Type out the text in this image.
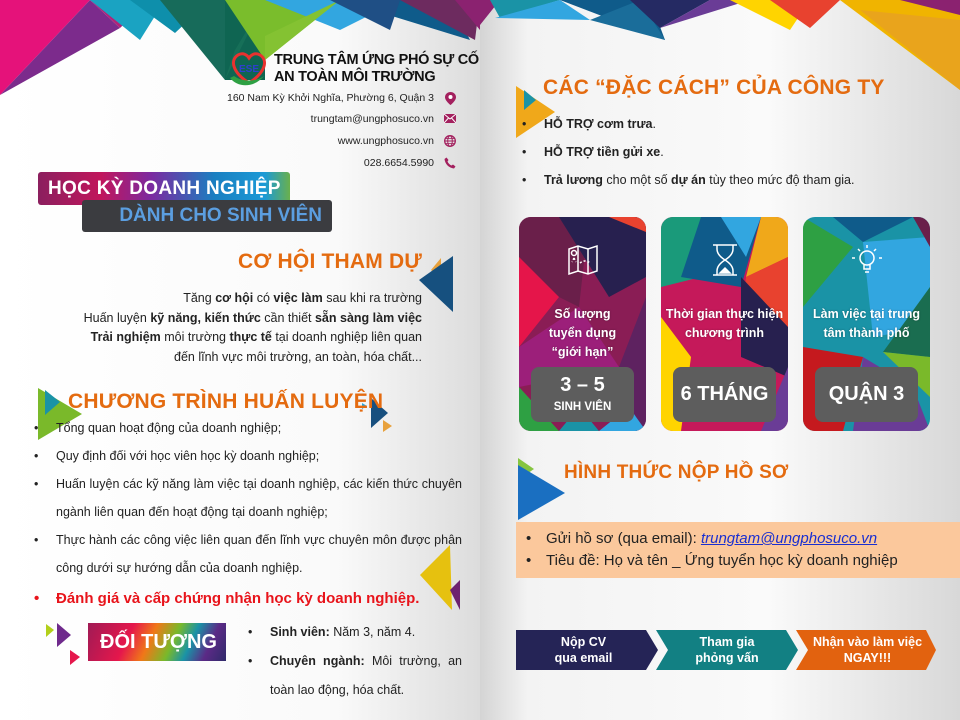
ESE
TRUNG TÂM ỨNG PHÓ SỰ CỐ
AN TOÀN MÔI TRƯỜNG
160 Nam Kỳ Khởi Nghĩa, Phường 6, Quận 3
trungtam@ungphosuco.vn
www.ungphosuco.vn
028.6654.5990
HỌC KỲ DOANH NGHIỆP
DÀNH CHO SINH VIÊN
CƠ HỘI THAM DỰ
Tăng cơ hội có việc làm sau khi ra trường
Huấn luyện kỹ năng, kiến thức cần thiết sẵn sàng làm việc
Trải nghiệm môi trường thực tế tại doanh nghiệp liên quan
đến lĩnh vực môi trường, an toàn, hóa chất...
CHƯƠNG TRÌNH HUẤN LUYỆN
• Tổng quan hoạt động của doanh nghiệp;
• Quy định đối với học viên học kỳ doanh nghiệp;
• Huấn luyện các kỹ năng làm việc tại doanh nghiệp, các kiến thức chuyên ngành liên quan đến hoạt động tại doanh nghiệp;
• Thực hành các công việc liên quan đến lĩnh vực chuyên môn được phân công dưới sự hướng dẫn của doanh nghiệp.
• Đánh giá và cấp chứng nhận học kỳ doanh nghiệp.
ĐỐI TƯỢNG	• Sinh viên: Năm 3, năm 4.
• Chuyên ngành: Môi trường, an toàn lao động, hóa chất.
CÁC “ĐẶC CÁCH” CỦA CÔNG TY
• HỖ TRỢ cơm trưa.
• HỖ TRỢ tiền gửi xe.
• Trả lương cho một số dự án tùy theo mức độ tham gia.
Số lượng tuyển dụng “giới hạn”
3 – 5
SINH VIÊN
Thời gian thực hiện chương trình
6 THÁNG
Làm việc tại trung tâm thành phố
QUẬN 3
HÌNH THỨC NỘP HỒ SƠ
• Gửi hồ sơ (qua email): trungtam@ungphosuco.vn
• Tiêu đề: Họ và tên _ Ứng tuyển học kỳ doanh nghiệp
Nộp CV
qua email
Tham gia
phỏng vấn
Nhận vào làm việc
NGAY!!!
